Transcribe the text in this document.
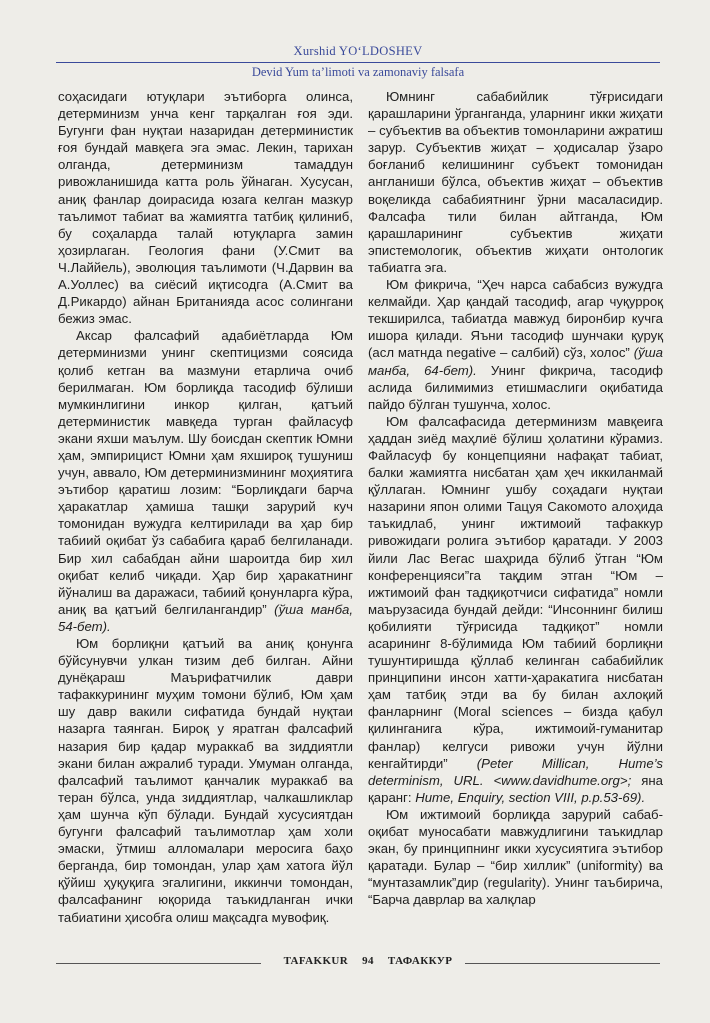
Xurshid YO‘LDOSHEV
Devid Yum ta’limoti va zamonaviy falsafa

соҳасидаги ютуқлари эътиборга олинса, детерминизм унча кенг тарқалган ғоя эди. Бугунги фан нуқтаи назаридан детерминистик ғоя бундай мавқега эга эмас. Лекин, тарихан олганда, детерминизм тамаддун ривожланишида катта роль ўйнаган. Хусусан, аниқ фанлар доирасида юзага келган мазкур таълимот табиат ва жамиятга татбиқ қилиниб, бу соҳаларда талай ютуқларга замин ҳозирлаган. Геология фани (У.Смит ва Ч.Лаййель), эволюция таълимоти (Ч.Дарвин ва А.Уоллес) ва сиёсий иқтисодга (А.Смит ва Д.Рикардо) айнан Британияда асос солингани бежиз эмас.

Аксар фалсафий адабиётларда Юм детерминизми унинг скептицизми соясида қолиб кетган ва мазмуни етарлича очиб берилмаган. Юм борлиқда тасодиф бўлиши мумкинлигини инкор қилган, қатъий детерминистик мавқеда турган файласуф экани яхши маълум. Шу боисдан скептик Юмни ҳам, эмпирицист Юмни ҳам яхшироқ тушуниш учун, аввало, Юм детерминизмининг моҳиятига эътибор қаратиш лозим: “Борлиқдаги барча ҳаракатлар ҳамиша ташқи зарурий куч томонидан вужудга келтирилади ва ҳар бир табиий оқибат ўз сабабига қараб белгиланади. Бир хил сабабдан айни шароитда бир хил оқибат келиб чиқади. Ҳар бир ҳаракатнинг йўналиш ва даражаси, табиий қонунларга кўра, аниқ ва қатъий белгилангандир” (ўша манба, 54-бет).

Юм борлиқни қатъий ва аниқ қонунга бўйсунувчи улкан тизим деб билган. Айни дунёқараш Маърифатчилик даври тафаккурининг муҳим томони бўлиб, Юм ҳам шу давр вакили сифатида бундай нуқтаи назарга таянган. Бироқ у яратган фалсафий назария бир қадар мураккаб ва зиддиятли экани билан ажралиб туради. Умуман олганда, фалсафий таълимот қанчалик мураккаб ва теран бўлса, унда зиддиятлар, чалкашликлар ҳам шунча кўп бўлади. Бундай хусусиятдан бугунги фалсафий таълимотлар ҳам холи эмаски, ўтмиш алломалари меросига баҳо берганда, бир томондан, улар ҳам хатога йўл қўйиш ҳуқуқига эгалигини, иккинчи томондан, фалсафанинг юқорида таъкидланган ички табиатини ҳисобга олиш мақсадга мувофиқ.

Юмнинг сабабийлик тўғрисидаги қарашларини ўрганганда, уларнинг икки жиҳати – субъектив ва объектив томонларини ажратиш зарур. Субъектив жиҳат – ҳодисалар ўзаро боғланиб келишининг субъект томонидан англаниши бўлса, объектив жиҳат – объектив воқеликда сабабиятнинг ўрни масаласидир. Фалсафа тили билан айтганда, Юм қарашларининг субъектив жиҳати эпистемологик, объектив жиҳати онтологик табиатга эга.

Юм фикрича, “Ҳеч нарса сабабсиз вужудга келмайди. Ҳар қандай тасодиф, агар чуқурроқ текширилса, табиатда мавжуд биронбир кучга ишора қилади. Яъни тасодиф шунчаки қуруқ (асл матнда negative – салбий) сўз, холос” (ўша манба, 64-бет). Унинг фикрича, тасодиф аслида билимимиз етишмаслиги оқибатида пайдо бўлган тушунча, холос.

Юм фалсафасида детерминизм мавқеига ҳаддан зиёд маҳлиё бўлиш ҳолатини кўрамиз. Файласуф бу концепцияни нафақат табиат, балки жамиятга нисбатан ҳам ҳеч иккиланмай қўллаган. Юмнинг ушбу соҳадаги нуқтаи назарини япон олими Тацуя Сакомото алоҳида таъкидлаб, унинг ижтимоий тафаккур ривожидаги ролига эътибор қаратади. У 2003 йили Лас Вегас шаҳрида бўлиб ўтган “Юм конференцияси”га тақдим этган “Юм – ижтимоий фан тадқиқотчиси сифатида” номли маърузасида бундай дейди: “Инсоннинг билиш қобилияти тўғрисида тадқиқот” номли асарининг 8-бўлимида Юм табиий борлиқни тушунтиришда қўллаб келинган сабабийлик принципини инсон хатти-ҳаракатига нисбатан ҳам татбиқ этди ва бу билан ахлоқий фанларнинг (Moral sciences – бизда қабул қилинганига кўра, ижтимоий-гуманитар фанлар) келгуси ривожи учун йўлни кенгайтирди” (Peter Millican, Hume’s determinism, URL. <www.davidhume.org>; яна қаранг: Hume, Enquiry, section VIII, p.p.53-69).

Юм ижтимоий борлиқда зарурий сабаб-оқибат муносабати мавжудлигини таъкидлар экан, бу принципнинг икки хусусиятига эътибор қаратади. Булар – “бир хиллик” (uniformity) ва “мунтазамлик”дир (regularity). Унинг таъбирича, “Барча даврлар ва халқлар

TAFAKKUR 94 ТАФАККУР
